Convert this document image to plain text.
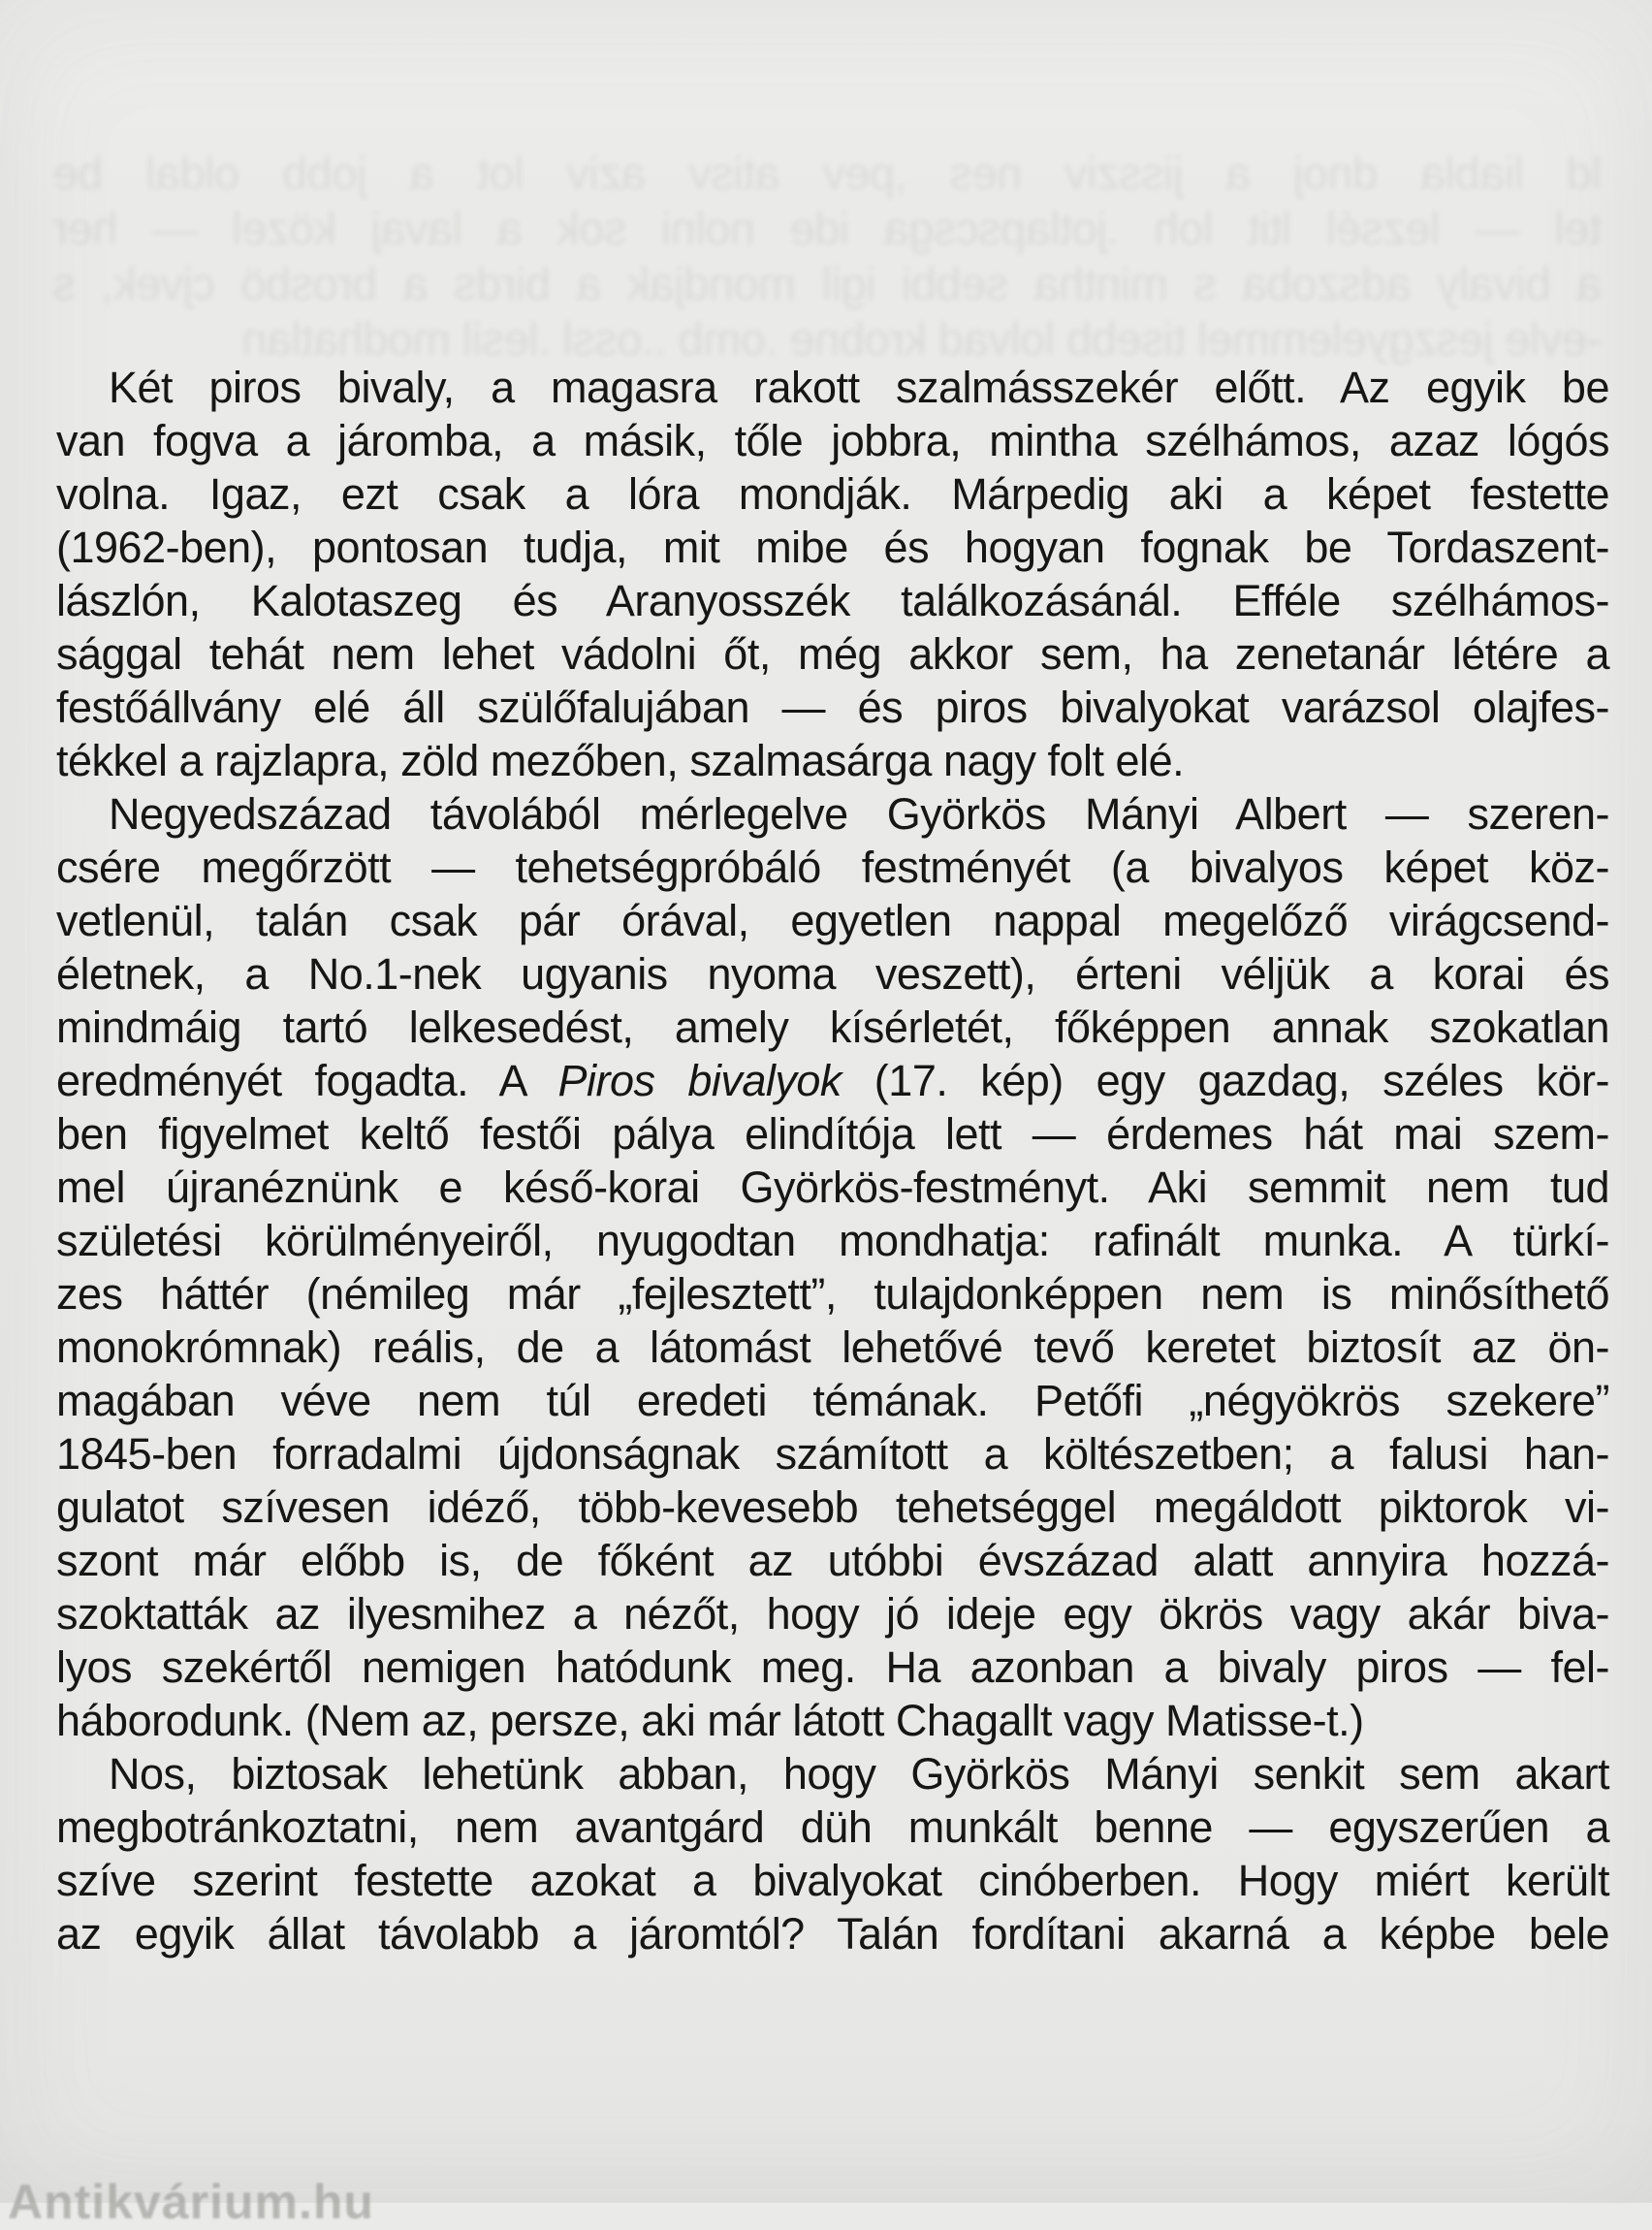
ld liabla dnoj a jissziv nes ,pev atisv aziv lot a jobb oldal be
tel — lezsél ltit loh .jotlapscsga ide nolni sok a lavaj közel — her
a bivaly adszoba s mintha sebbi igil mondjak a birds a brosbö cjvek, s
-evle jeszgyelemmel tisebb lolvad krobne .omb ..ossl .lesil modhatlan
Két piros bivaly, a magasra rakott szalmásszekér előtt. Az egyik be
van fogva a járomba, a másik, tőle jobbra, mintha szélhámos, azaz lógós
volna. Igaz, ezt csak a lóra mondják. Márpedig aki a képet festette
(1962-ben), pontosan tudja, mit mibe és hogyan fognak be Tordaszent-
lászlón, Kalotaszeg és Aranyosszék találkozásánál. Efféle szélhámos-
sággal tehát nem lehet vádolni őt, még akkor sem, ha zenetanár létére a
festőállvány elé áll szülőfalujában — és piros bivalyokat varázsol olajfes-
tékkel a rajzlapra, zöld mezőben, szalmasárga nagy folt elé.
Negyedszázad távolából mérlegelve Györkös Mányi Albert — szeren-
csére megőrzött — tehetségpróbáló festményét (a bivalyos képet köz-
vetlenül, talán csak pár órával, egyetlen nappal megelőző virágcsend-
életnek, a No.1-nek ugyanis nyoma veszett), érteni véljük a korai és
mindmáig tartó lelkesedést, amely kísérletét, főképpen annak szokatlan
eredményét fogadta. A Piros bivalyok (17. kép) egy gazdag, széles kör-
ben figyelmet keltő festői pálya elindítója lett — érdemes hát mai szem-
mel újranéznünk e késő-korai Györkös-festményt. Aki semmit nem tud
születési körülményeiről, nyugodtan mondhatja: rafinált munka. A türkí-
zes háttér (némileg már „fejlesztett”, tulajdonképpen nem is minősíthető
monokrómnak) reális, de a látomást lehetővé tevő keretet biztosít az ön-
magában véve nem túl eredeti témának. Petőfi „négyökrös szekere”
1845-ben forradalmi újdonságnak számított a költészetben; a falusi han-
gulatot szívesen idéző, több-kevesebb tehetséggel megáldott piktorok vi-
szont már előbb is, de főként az utóbbi évszázad alatt annyira hozzá-
szoktatták az ilyesmihez a nézőt, hogy jó ideje egy ökrös vagy akár biva-
lyos szekértől nemigen hatódunk meg. Ha azonban a bivaly piros — fel-
háborodunk. (Nem az, persze, aki már látott Chagallt vagy Matisse-t.)
Nos, biztosak lehetünk abban, hogy Györkös Mányi senkit sem akart
megbotránkoztatni, nem avantgárd düh munkált benne — egyszerűen a
szíve szerint festette azokat a bivalyokat cinóberben. Hogy miért került
az egyik állat távolabb a járomtól? Talán fordítani akarná a képbe bele
Antikvárium.hu
